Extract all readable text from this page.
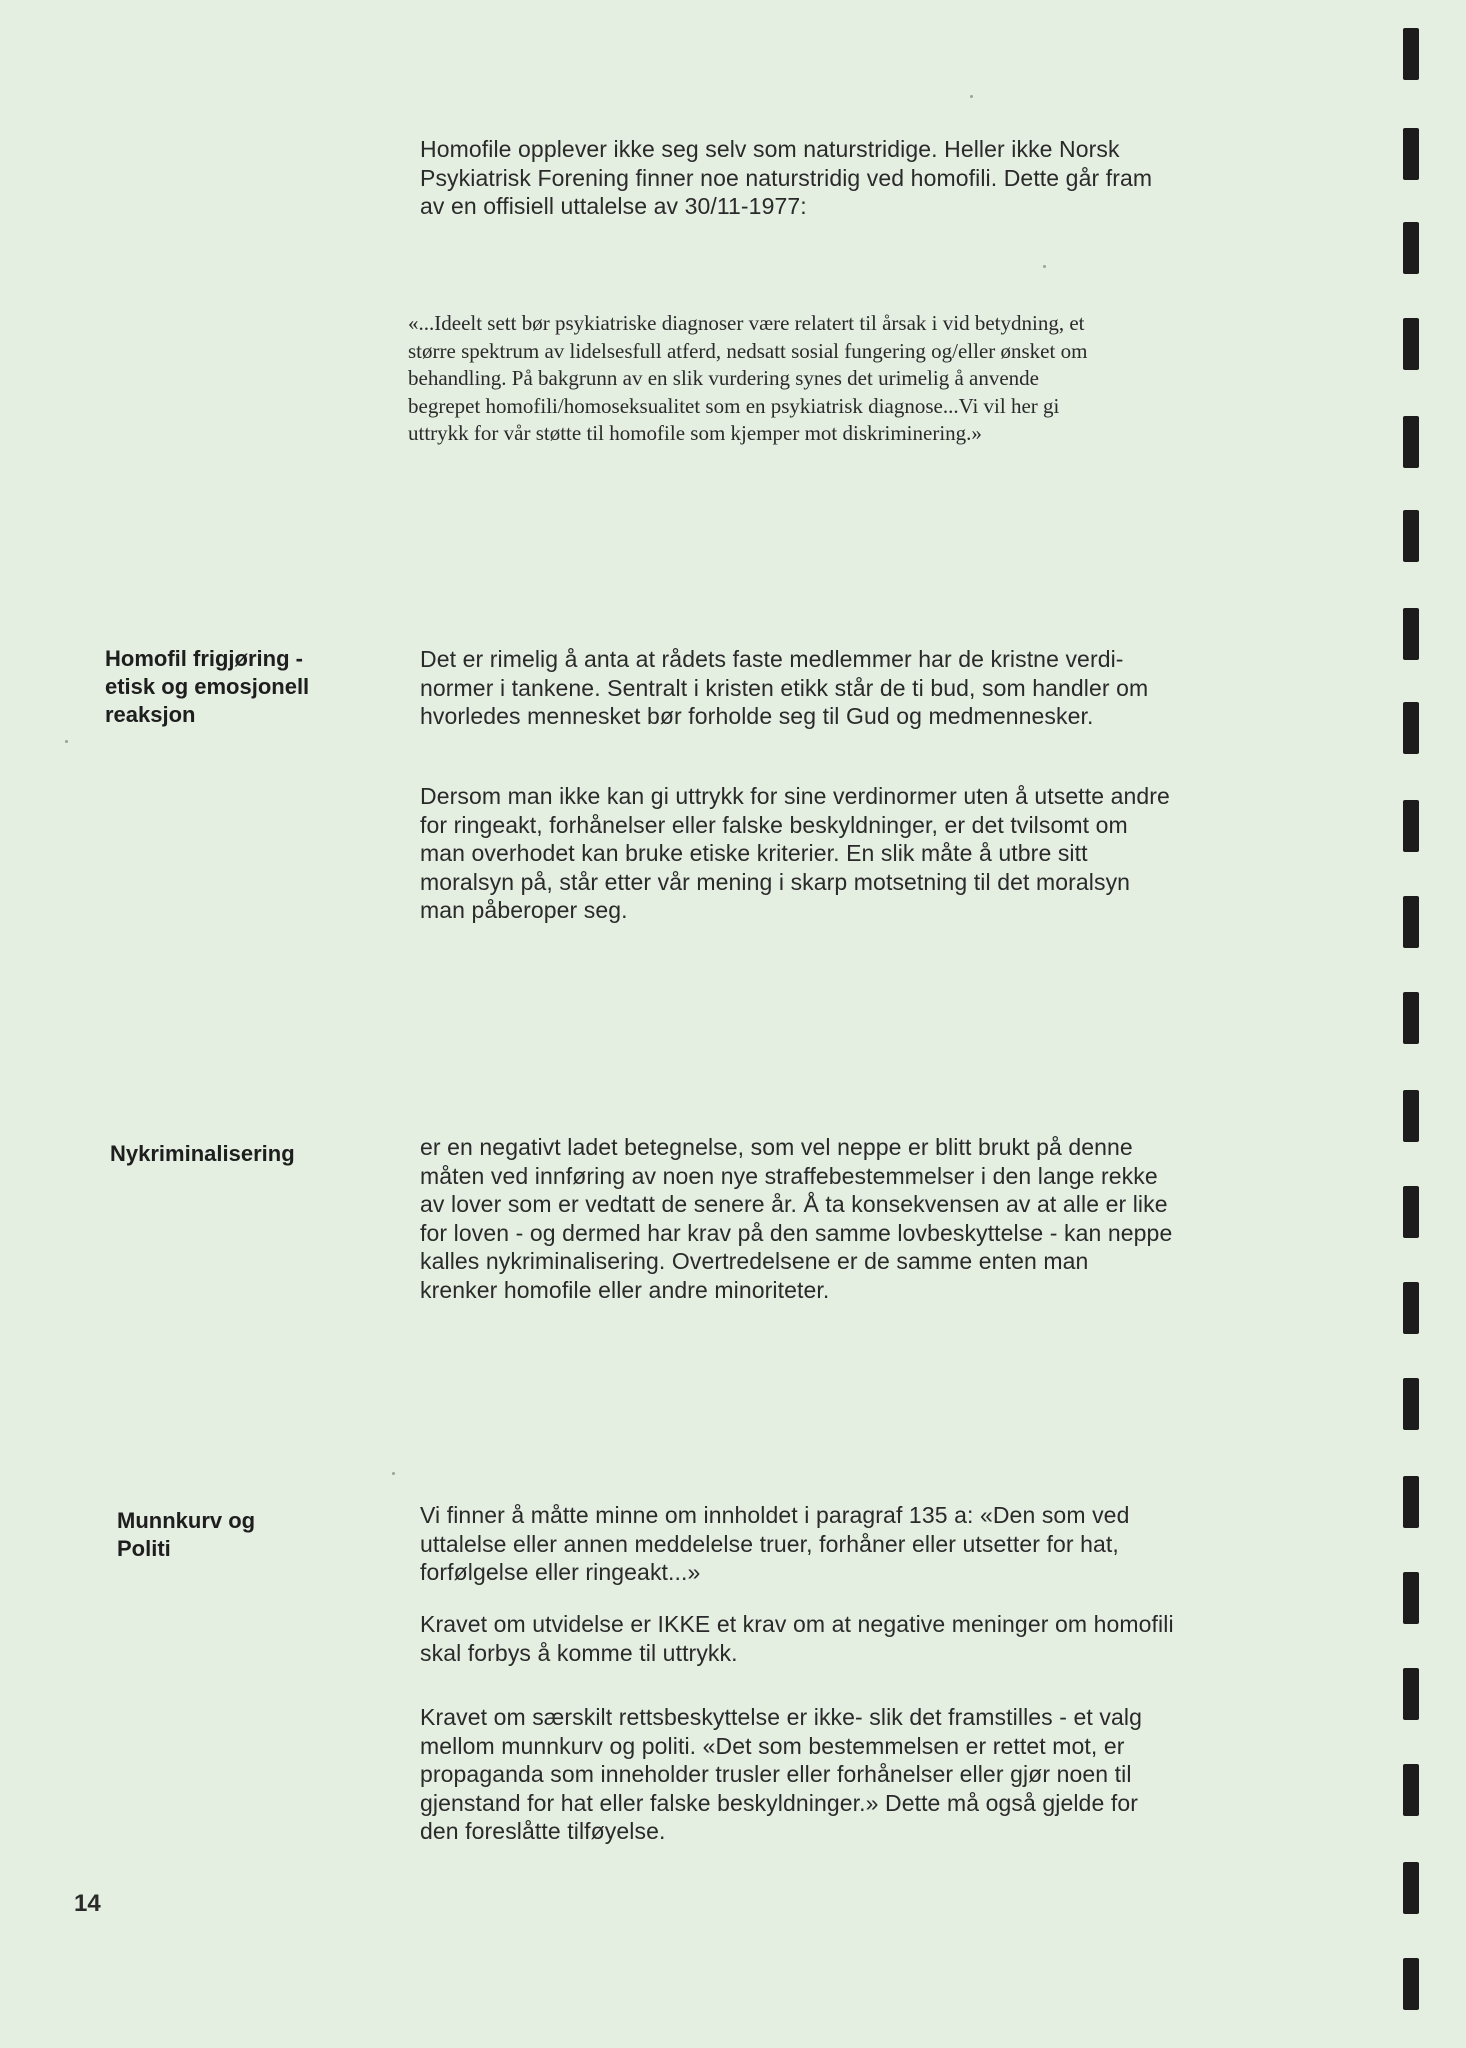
Homofile opplever ikke seg selv som naturstridige. Heller ikke Norsk
Psykiatrisk Forening finner noe naturstridig ved homofili. Dette går fram
av en offisiell uttalelse av 30/11-1977:
«...Ideelt sett bør psykiatriske diagnoser være relatert til årsak i vid betydning, et
større spektrum av lidelsesfull atferd, nedsatt sosial fungering og/eller ønsket om
behandling. På bakgrunn av en slik vurdering synes det urimelig å anvende
begrepet homofili/homoseksualitet som en psykiatrisk diagnose...Vi vil her gi
uttrykk for vår støtte til homofile som kjemper mot diskriminering.»
Homofil frigjøring -
etisk og emosjonell
reaksjon
Det er rimelig å anta at rådets faste medlemmer har de kristne verdi-
normer i tankene. Sentralt i kristen etikk står de ti bud, som handler om
hvorledes mennesket bør forholde seg til Gud og medmennesker.
Dersom man ikke kan gi uttrykk for sine verdinormer uten å utsette andre
for ringeakt, forhånelser eller falske beskyldninger, er det tvilsomt om
man overhodet kan bruke etiske kriterier. En slik måte å utbre sitt
moralsyn på, står etter vår mening i skarp motsetning til det moralsyn
man påberoper seg.
Nykriminalisering	er en negativt ladet betegnelse, som vel neppe er blitt brukt på denne
måten ved innføring av noen nye straffebestemmelser i den lange rekke
av lover som er vedtatt de senere år. Å ta konsekvensen av at alle er like
for loven - og dermed har krav på den samme lovbeskyttelse - kan neppe
kalles nykriminalisering. Overtredelsene er de samme enten man
krenker homofile eller andre minoriteter.
Munnkurv og
Politi
Vi finner å måtte minne om innholdet i paragraf 135 a: «Den som ved
uttalelse eller annen meddelelse truer, forhåner eller utsetter for hat,
forfølgelse eller ringeakt...»
Kravet om utvidelse er IKKE et krav om at negative meninger om homofili
skal forbys å komme til uttrykk.
Kravet om særskilt rettsbeskyttelse er ikke- slik det framstilles - et valg
mellom munnkurv og politi. «Det som bestemmelsen er rettet mot, er
propaganda som inneholder trusler eller forhånelser eller gjør noen til
gjenstand for hat eller falske beskyldninger.» Dette må også gjelde for
den foreslåtte tilføyelse.
14
